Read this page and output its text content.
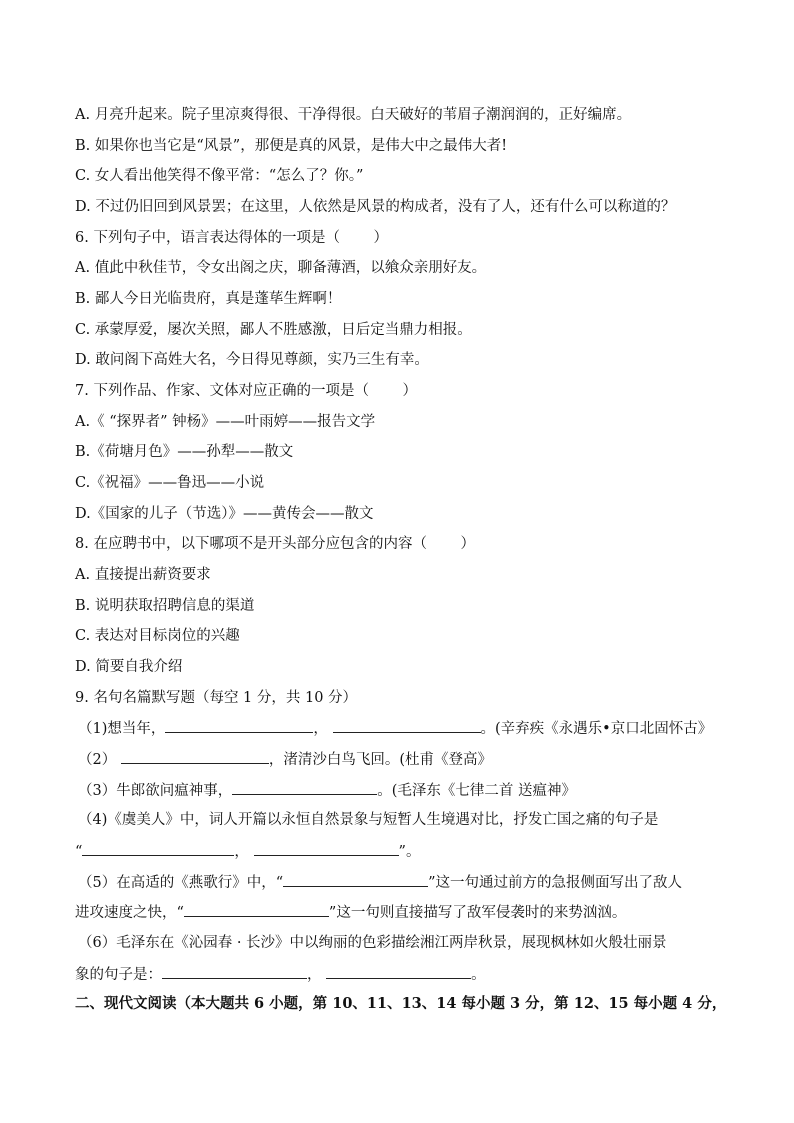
A. 月亮升起来。院子里凉爽得很、干净得很。白天破好的苇眉子潮润润的，正好编席。
B. 如果你也当它是“风景”，那便是真的风景，是伟大中之最伟大者!
C. 女人看出他笑得不像平常：“怎么了？你。”
D. 不过仍旧回到风景罢；在这里，人依然是风景的构成者，没有了人，还有什么可以称道的？
6. 下列句子中，语言表达得体的一项是（　　 ）
A. 值此中秋佳节，令女出阁之庆，聊备薄酒，以飨众亲朋好友。
B. 鄙人今日光临贵府，真是蓬荜生辉啊！
C. 承蒙厚爱，屡次关照，鄙人不胜感激，日后定当鼎力相报。
D. 敢问阁下高姓大名，今日得见尊颜，实乃三生有幸。
7. 下列作品、作家、文体对应正确的一项是（　　 ）
A.《 “探界者” 钟杨》——叶雨婷——报告文学
B.《荷塘月色》——孙犁——散文
C.《祝福》——鲁迅——小说
D.《国家的儿子（节选）》——黄传会——散文
8. 在应聘书中，以下哪项不是开头部分应包含的内容（　　 ）
A. 直接提出薪资要求
B. 说明获取招聘信息的渠道
C. 表达对目标岗位的兴趣
D. 简要自我介绍
9. 名句名篇默写题（每空 1 分，共 10 分）
（1)想当年，	，	。(辛弃疾《永遇乐•京口北固怀古》
（2）	，渚清沙白鸟飞回。(杜甫《登高》
（3）牛郎欲问瘟神事，	。(毛泽东《七律二首 送瘟神》
（4)《虞美人》中，词人开篇以永恒自然景象与短暂人生境遇对比，抒发亡国之痛的句子是
“	，	”。
（5）在高适的《燕歌行》中，“	”这一句通过前方的急报侧面写出了敌人
进攻速度之快，“	”这一句则直接描写了敌军侵袭时的来势汹汹。
（6）毛泽东在《沁园春 · 长沙》中以绚丽的色彩描绘湘江两岸秋景，展现枫林如火般壮丽景
象的句子是：	，	。
二、现代文阅读（本大题共 6 小题，第 10、11、13、14 每小题 3 分，第 12、15 每小题 4 分，
